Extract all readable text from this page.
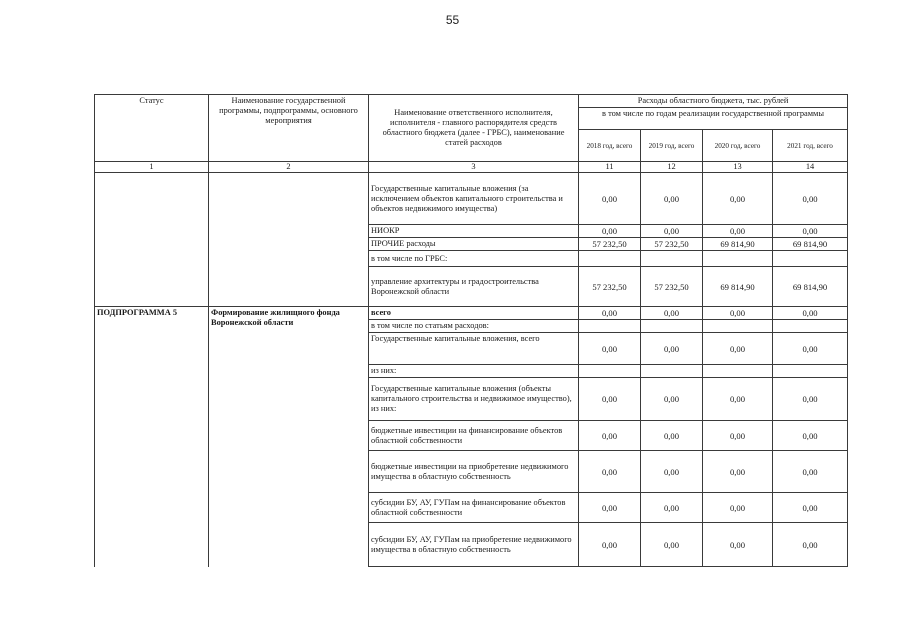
55
Статус	Наименование государственной программы, подпрограммы, основного мероприятия	Наименование ответственного исполнителя, исполнителя - главного распорядителя средств областного бюджета (далее - ГРБС), наименование статей расходов	Расходы областного бюджета, тыс. рублей			
			в том числе по годам реализации государственной программы			
			2018 год, всего	2019 год, всего	2020 год, всего	2021 год, всего
1	2	3	11	12	13	14
		Государственные капитальные вложения (за исключением объектов капитального строительства и объектов недвижимого имущества)	0,00	0,00	0,00	0,00
		НИОКР	0,00	0,00	0,00	0,00
		ПРОЧИЕ расходы	57 232,50	57 232,50	69 814,90	69 814,90
		в том числе по ГРБС:				
		управление архитектуры и градостроительства Воронежской области	57 232,50	57 232,50	69 814,90	69 814,90
ПОДПРОГРАММА 5	Формирование жилищного фонда Воронежской области	всего	0,00	0,00	0,00	0,00
		в том числе по статьям расходов:				
		Государственные капитальные вложения, всего	0,00	0,00	0,00	0,00
		из них:				
		Государственные капитальные вложения (объекты капитального строительства и недвижимое имущество), из них:	0,00	0,00	0,00	0,00
		бюджетные инвестиции на финансирование объектов областной собственности	0,00	0,00	0,00	0,00
		бюджетные инвестиции на приобретение недвижимого имущества в областную собственность	0,00	0,00	0,00	0,00
		субсидии БУ, АУ, ГУПам на финансирование объектов областной собственности	0,00	0,00	0,00	0,00
		субсидии БУ, АУ, ГУПам на приобретение недвижимого имущества в областную собственность	0,00	0,00	0,00	0,00
